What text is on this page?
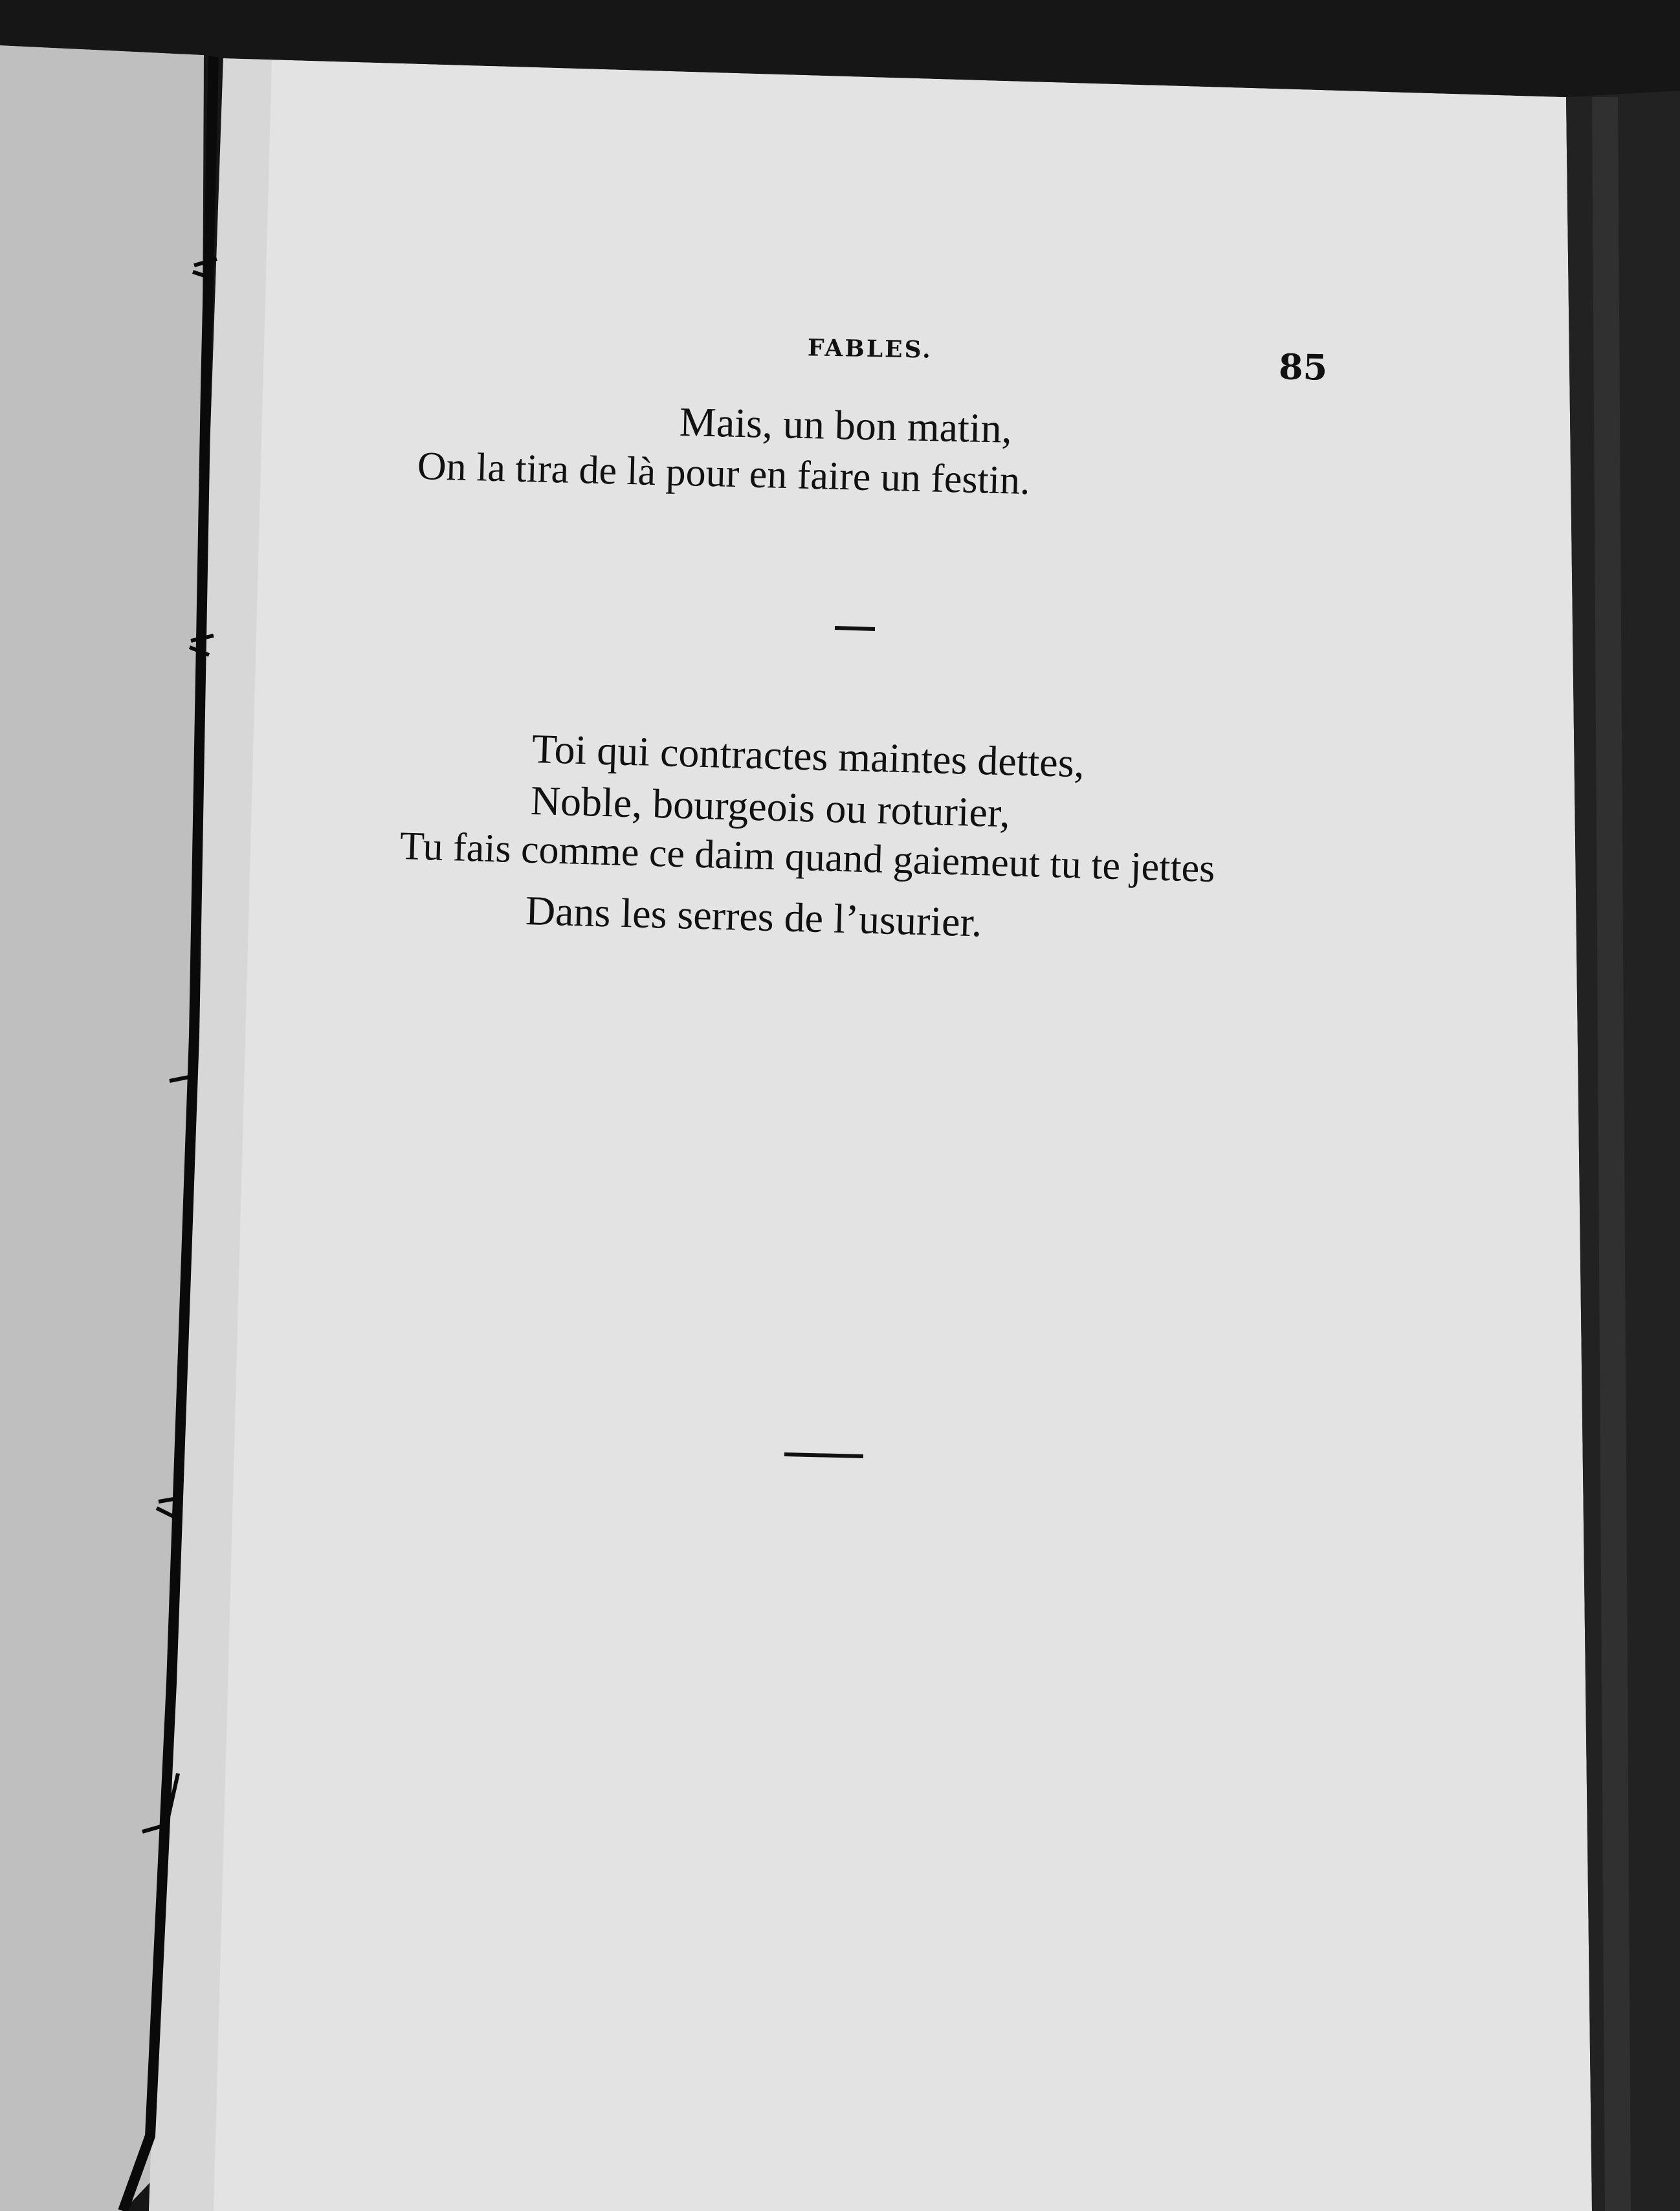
FABLES.	85
Mais, un bon matin,
On la tira de là pour en faire un festin.
Toi qui contractes maintes dettes,
Noble, bourgeois ou roturier,
Tu fais comme ce daim quand gaiemeut tu te jettes
Dans les serres de l’usurier.
